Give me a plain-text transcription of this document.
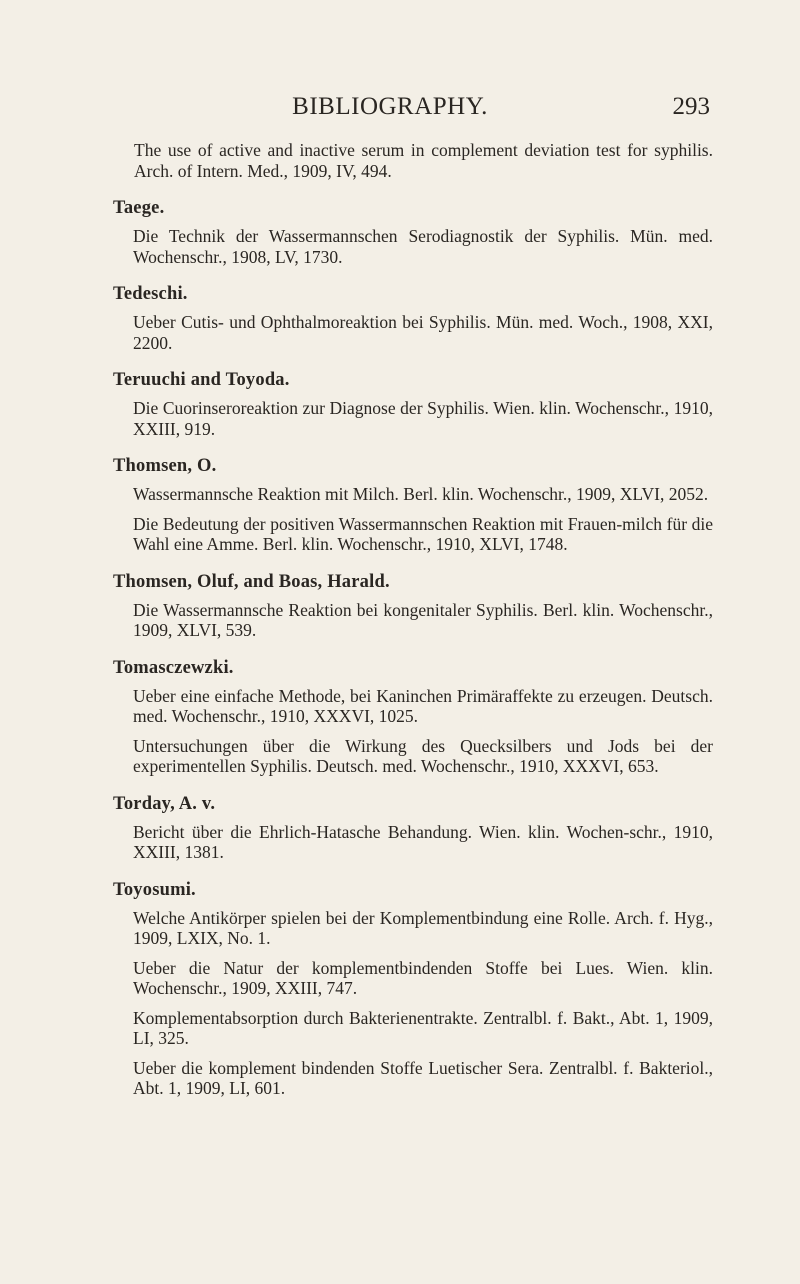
BIBLIOGRAPHY.	293
The use of active and inactive serum in complement deviation test for syphilis. Arch. of Intern. Med., 1909, IV, 494.
Taege.
Die Technik der Wassermannschen Serodiagnostik der Syphilis. Mün. med. Wochenschr., 1908, LV, 1730.
Tedeschi.
Ueber Cutis- und Ophthalmoreaktion bei Syphilis. Mün. med. Woch., 1908, XXI, 2200.
Teruuchi and Toyoda.
Die Cuorinseroreaktion zur Diagnose der Syphilis. Wien. klin. Wochenschr., 1910, XXIII, 919.
Thomsen, O.
Wassermannsche Reaktion mit Milch. Berl. klin. Wochenschr., 1909, XLVI, 2052.
Die Bedeutung der positiven Wassermannschen Reaktion mit Frauen-milch für die Wahl eine Amme. Berl. klin. Wochenschr., 1910, XLVI, 1748.
Thomsen, Oluf, and Boas, Harald.
Die Wassermannsche Reaktion bei kongenitaler Syphilis. Berl. klin. Wochenschr., 1909, XLVI, 539.
Tomasczewzki.
Ueber eine einfache Methode, bei Kaninchen Primäraffekte zu erzeugen. Deutsch. med. Wochenschr., 1910, XXXVI, 1025.
Untersuchungen über die Wirkung des Quecksilbers und Jods bei der experimentellen Syphilis. Deutsch. med. Wochenschr., 1910, XXXVI, 653.
Torday, A. v.
Bericht über die Ehrlich-Hatasche Behandung. Wien. klin. Wochen-schr., 1910, XXIII, 1381.
Toyosumi.
Welche Antikörper spielen bei der Komplementbindung eine Rolle. Arch. f. Hyg., 1909, LXIX, No. 1.
Ueber die Natur der komplementbindenden Stoffe bei Lues. Wien. klin. Wochenschr., 1909, XXIII, 747.
Komplementabsorption durch Bakterienentrakte. Zentralbl. f. Bakt., Abt. 1, 1909, LI, 325.
Ueber die komplement bindenden Stoffe Luetischer Sera. Zentralbl. f. Bakteriol., Abt. 1, 1909, LI, 601.
